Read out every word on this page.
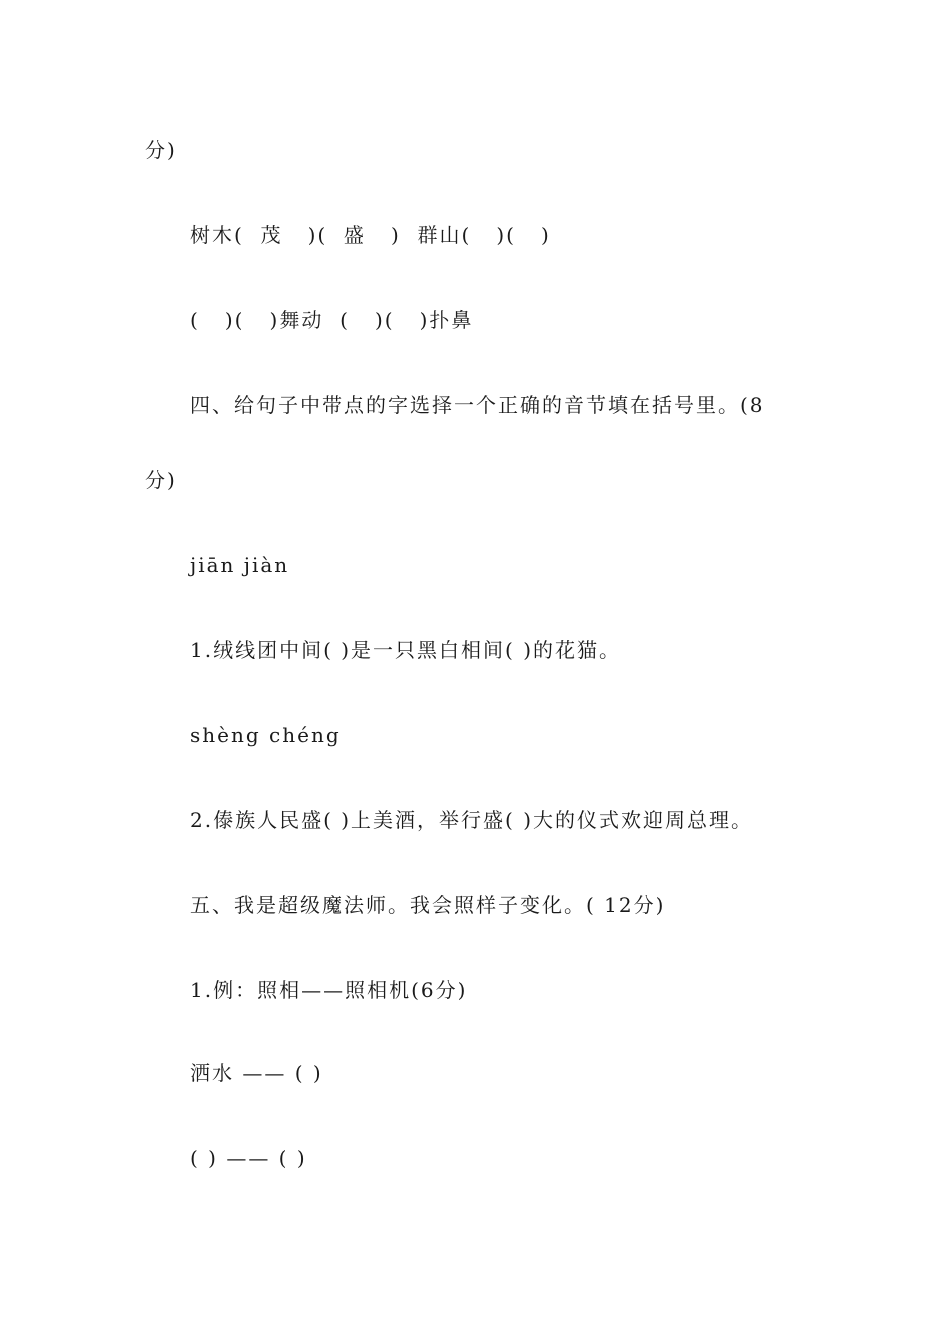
分)
树木(  茂   )(  盛   )  群山(   )(   )
(   )(   )舞动  (   )(   )扑鼻
四、给句子中带点的字选择一个正确的音节填在括号里。(8
分)
jiān jiàn
1.绒线团中间( )是一只黑白相间( )的花猫。
shèng chéng
2.傣族人民盛( )上美酒，举行盛( )大的仪式欢迎周总理。
五、我是超级魔法师。我会照样子变化。( 12分)
1.例：照相——照相机(6分)
洒水 —— ( )
( ) —— ( )
